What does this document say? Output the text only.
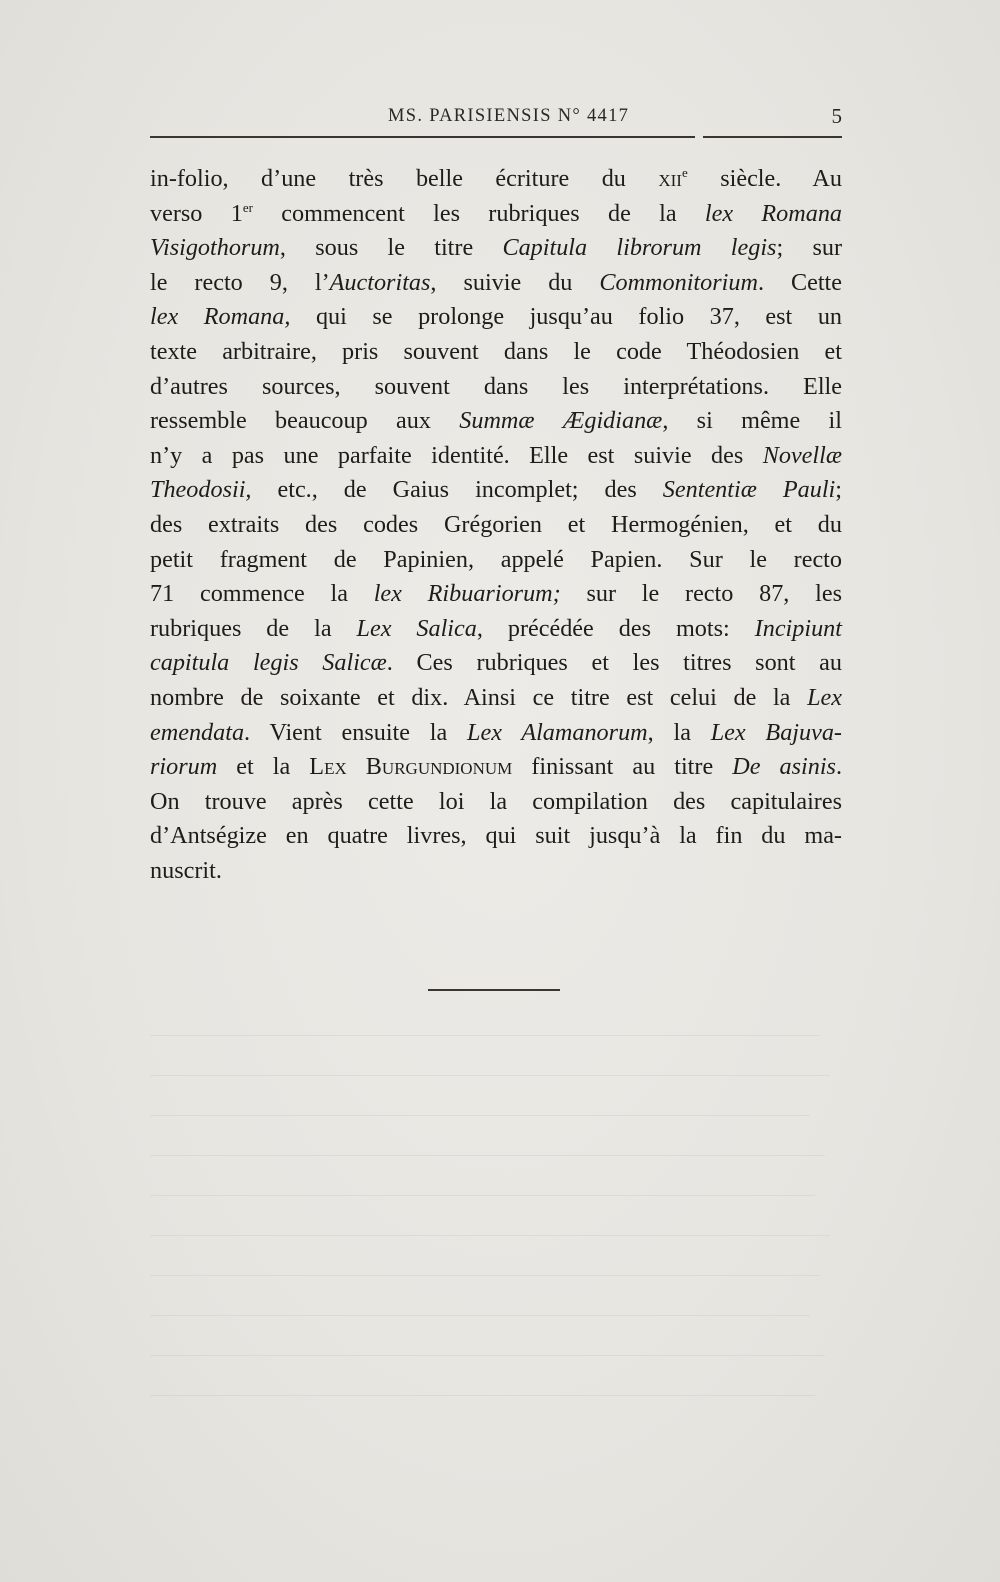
MS. PARISIENSIS N° 4417	5
in-folio, d’une très belle écriture du xii$^e$ siècle. Au
verso 1er commencent les rubriques de la lex Romana
Visigothorum, sous le titre Capitula librorum legis; sur
le recto 9, l’Auctoritas, suivie du Commonitorium. Cette
lex Romana, qui se prolonge jusqu’au folio 37, est un
texte arbitraire, pris souvent dans le code Théodosien et
d’autres sources, souvent dans les interprétations. Elle
ressemble beaucoup aux Summæ Ægidianæ, si même il
n’y a pas une parfaite identité. Elle est suivie des Novellæ
Theodosii, etc., de Gaius incomplet; des Sententiæ Pauli;
des extraits des codes Grégorien et Hermogénien, et du
petit fragment de Papinien, appelé Papien. Sur le recto
71 commence la lex Ribuariorum; sur le recto 87, les
rubriques de la Lex Salica, précédée des mots: Incipiunt
capitula legis Salicæ. Ces rubriques et les titres sont au
nombre de soixante et dix. Ainsi ce titre est celui de la Lex
emendata. Vient ensuite la Lex Alamanorum, la Lex Bajuva-
riorum et la Lex Burgundionum finissant au titre De asinis.
On trouve après cette loi la compilation des capitulaires
d’Antségize en quatre livres, qui suit jusqu’à la fin du ma-
nuscrit.
